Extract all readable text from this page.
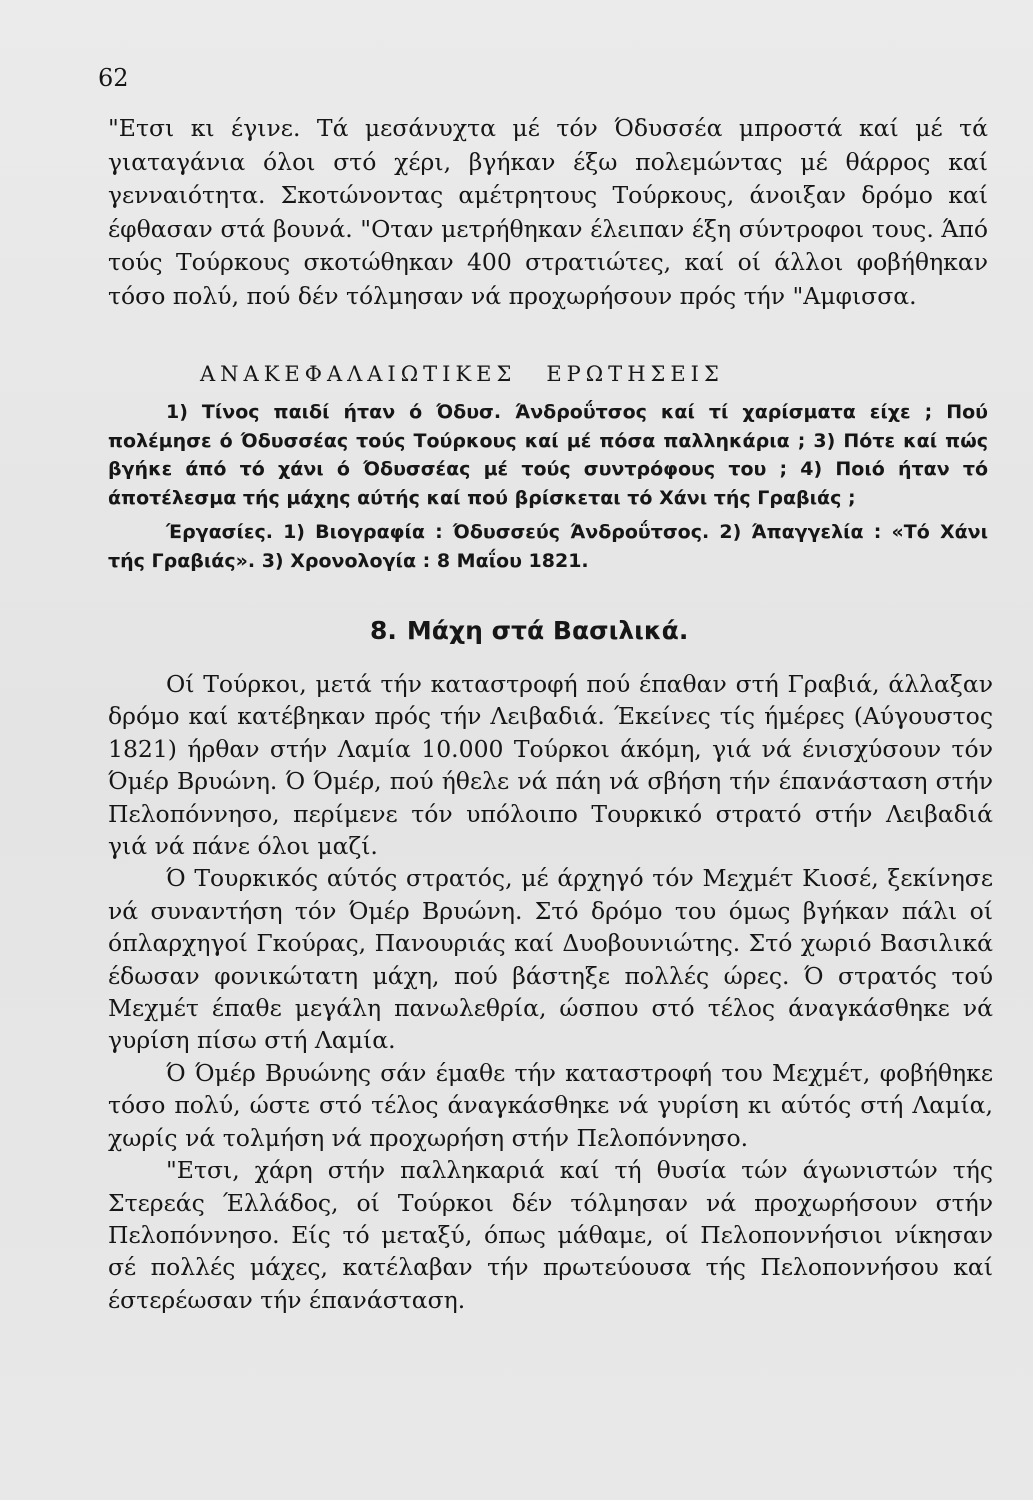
62

"Ετσι κι έγινε. Τά μεσάνυχτα μέ τόν Όδυσσέα μπροστά καί μέ τά γιαταγάνια όλοι στό χέρι, βγήκαν έξω πολεμώντας μέ θάρρος καί γενναιότητα. Σκοτώνοντας αμέτρητους Τούρκους, άνοιξαν δρόμο καί έφθασαν στά βουνά. "Οταν μετρήθηκαν έλειπαν έξη σύντροφοι τους. Άπό τούς Τούρκους σκοτώθηκαν 400 στρατιώτες, καί οί άλλοι φοβήθηκαν τόσο πολύ, πού δέν τόλμησαν νά προχωρήσουν πρός τήν "Αμφισσα.

ΑΝΑΚΕΦΑΛΑΙΩΤΙΚΕΣ ΕΡΩΤΗΣΕΙΣ

1) Τίνος παιδί ήταν ό Όδυσ. Άνδροΰτσος καί τί χαρίσματα είχε ; Πού πολέμησε ό Όδυσσέας τούς Τούρκους καί μέ πόσα παλληκάρια ; 3) Πότε καί πώς βγήκε άπό τό χάνι ό Όδυσσέας μέ τούς συντρόφους του ; 4) Ποιό ήταν τό άποτέλεσμα τής μάχης αύτής καί πού βρίσκεται τό Χάνι τής Γραβιάς ;

Έργασίες. 1) Βιογραφία : Όδυσσεύς Άνδροΰτσος. 2) Άπαγγελία : «Τό Χάνι τής Γραβιάς». 3) Χρονολογία : 8 Μαΐου 1821.

8. Μάχη στά Βασιλικά.

Οί Τούρκοι, μετά τήν καταστροφή πού έπαθαν στή Γραβιά, άλλαξαν δρόμο καί κατέβηκαν πρός τήν Λειβαδιά. Έκείνες τίς ήμέρες (Αύγουστος 1821) ήρθαν στήν Λαμία 10.000 Τούρκοι άκόμη, γιά νά ένισχύσουν τόν Όμέρ Βρυώνη. Ό Όμέρ, πού ήθελε νά πάη νά σβήση τήν έπανάσταση στήν Πελοπόννησο, περίμενε τόν υπόλοιπο Τουρκικό στρατό στήν Λειβαδιά γιά νά πάνε όλοι μαζί.

Ό Τουρκικός αύτός στρατός, μέ άρχηγό τόν Μεχμέτ Κιοσέ, ξεκίνησε νά συναντήση τόν Όμέρ Βρυώνη. Στό δρόμο του όμως βγήκαν πάλι οί όπλαρχηγοί Γκούρας, Πανουριάς καί Δυοβουνιώτης. Στό χωριό Βασιλικά έδωσαν φονικώτατη μάχη, πού βάστηξε πολλές ώρες. Ό στρατός τού Μεχμέτ έπαθε μεγάλη πανωλεθρία, ώσπου στό τέλος άναγκάσθηκε νά γυρίση πίσω στή Λαμία.

Ό Όμέρ Βρυώνης σάν έμαθε τήν καταστροφή του Μεχμέτ, φοβήθηκε τόσο πολύ, ώστε στό τέλος άναγκάσθηκε νά γυρίση κι αύτός στή Λαμία, χωρίς νά τολμήση νά προχωρήση στήν Πελοπόννησο.

"Ετσι, χάρη στήν παλληκαριά καί τή θυσία τών άγωνιστών τής Στερεάς Έλλάδος, οί Τούρκοι δέν τόλμησαν νά προχωρήσουν στήν Πελοπόννησο. Είς τό μεταξύ, όπως μάθαμε, οί Πελοποννήσιοι νίκησαν σέ πολλές μάχες, κατέλαβαν τήν πρωτεύουσα τής Πελοποννήσου καί έστερέωσαν τήν έπανάσταση.
